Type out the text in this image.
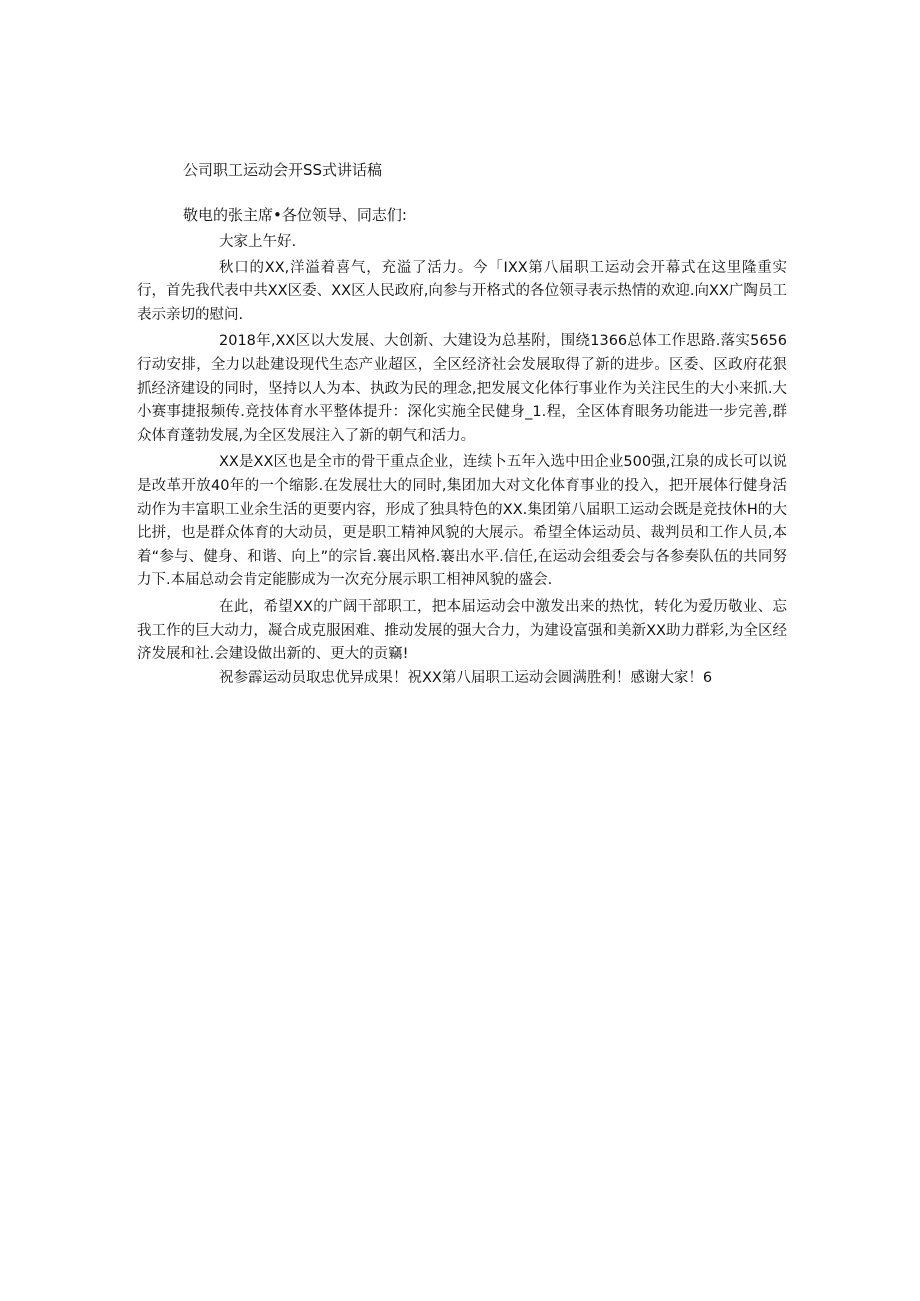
公司职工运动会开SS式讲话稿

敬电的张主席•各位领导、同志们:

大家上午好.

秋口的XX,洋溢着喜气，充溢了活力。今「IXX第八届职工运动会开幕式在这里隆重实行，首先我代表中共XX区委、XX区人民政府,向参与开格式的各位领寻表示热情的欢迎.向XX广陶员工表示亲切的慰问.

2018年,XX区以大发展、大创新、大建设为总基附，围绕1366总体工作思路.落实5656行动安排，全力以赴建设现代生态产业超区，全区经济社会发展取得了新的进步。区委、区政府花狠抓经济建设的同时，坚持以人为本、执政为民的理念,把发展文化体行事业作为关注民生的大小来抓.大小赛事捷报频传.竞技体育水平整体提升：深化实施全民健身_1.程，全区体育眼务功能进一步完善,群众体育蓬勃发展,为全区发展注入了新的朝气和活力。

XX是XX区也是全市的骨干重点企业，连续卜五年入选中田企业500强,江泉的成长可以说是改革开放40年的一个缩影.在发展壮大的同时,集团加大对文化体育事业的投入，把开展体行健身活动作为丰富职工业余生活的更要内容，形成了独具特色的XX.集团第八届职工运动会既是竞技休H的大比拼，也是群众体育的大动员，更是职工精神风貌的大展示。希望全体运动员、裁判员和工作人员,本着“参与、健身、和谐、向上”的宗旨.褰出风格.褰出水平.信任,在运动会组委会与各参奏队伍的共同努力下.本届总动会肯定能膨成为一次充分展示职工相神风貌的盛会.

在此，希望XX的广阔干部职工，把本届运动会中激发出来的热忱，转化为爱历敬业、忘我工作的巨大动力，凝合成克服困难、推动发展的强大合力，为建设富强和美新XX助力群彩,为全区经济发展和社.会建设做出新的、更大的贡竊!

祝参霹运动员取忠优异成果！祝XX第八届职工运动会圆满胜利！感谢大家！6
